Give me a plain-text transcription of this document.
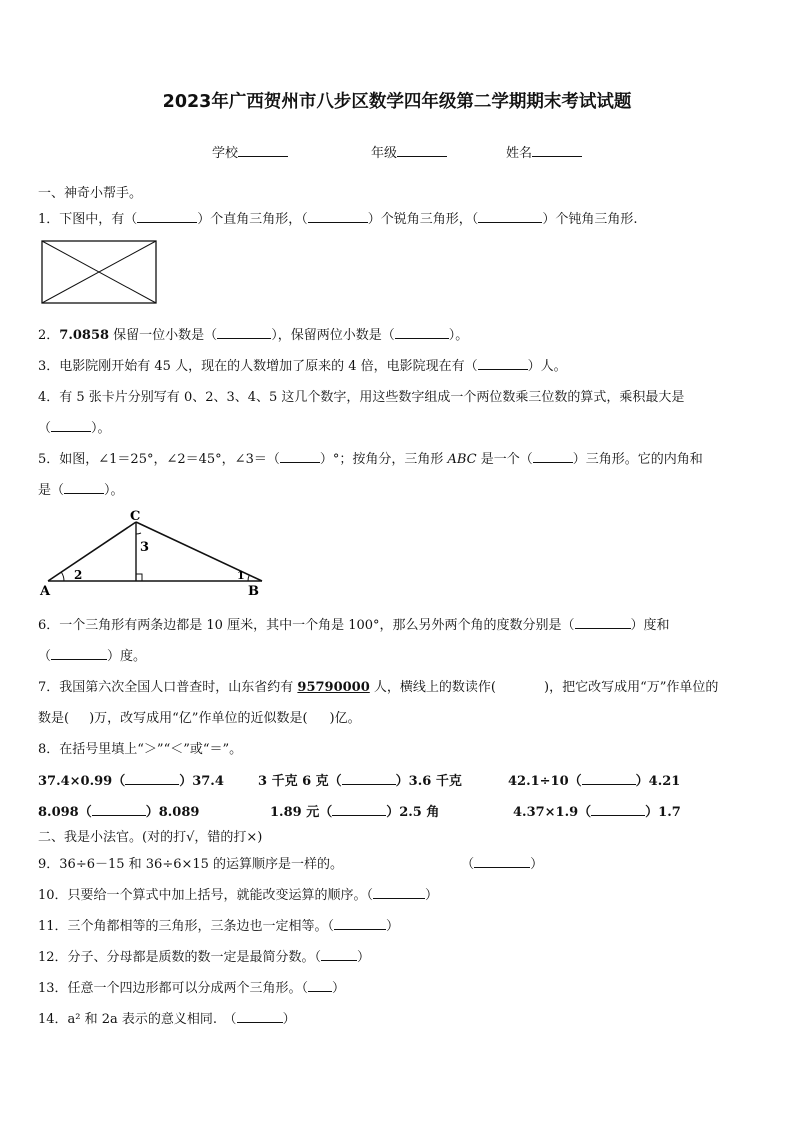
2023年广西贺州市八步区数学四年级第二学期期末考试试题
学校	年级	姓名
一、神奇小帮手。
1．下图中，有（	）个直角三角形，（	）个锐角三角形，（	）个钝角三角形.
2．7.0858 保留一位小数是（	），保留两位小数是（	）。
3．电影院刚开始有 45 人，现在的人数增加了原来的 4 倍，电影院现在有（	）人。
4．有 5 张卡片分别写有 0、2、3、4、5 这几个数字，用这些数字组成一个两位数乘三位数的算式，乘积最大是
（	）。
5．如图，∠1＝25°，∠2＝45°，∠3＝（	）°；按角分，三角形 ABC 是一个（	）三角形。它的内角和
是（	）。
C
A	B
2	1
3
6．一个三角形有两条边都是 10 厘米，其中一个角是 100°，那么另外两个角的度数分别是（	）度和
（	）度。
7．我国第六次全国人口普查时，山东省约有 95790000 人，横线上的数读作(	)，把它改写成用“万”作单位的
数是( )万，改写成用“亿”作单位的近似数是( )亿。
8．在括号里填上“＞”“＜”或“＝”。
37.4×0.99（	）37.4	3 千克 6 克（	）3.6 千克	42.1÷10（	）4.21
8.098（	）8.089	1.89 元（	）2.5 角	4.37×1.9（	）1.7
二、我是小法官。(对的打√，错的打×)
9．36÷6－15 和 36÷6×15 的运算顺序是一样的。	（	）
10．只要给一个算式中加上括号，就能改变运算的顺序。（	）
11．三个角都相等的三角形，三条边也一定相等。（	）
12．分子、分母都是质数的数一定是最简分数。（	）
13．任意一个四边形都可以分成两个三角形。（ ）
14．a² 和 2a 表示的意义相同.　（	）
